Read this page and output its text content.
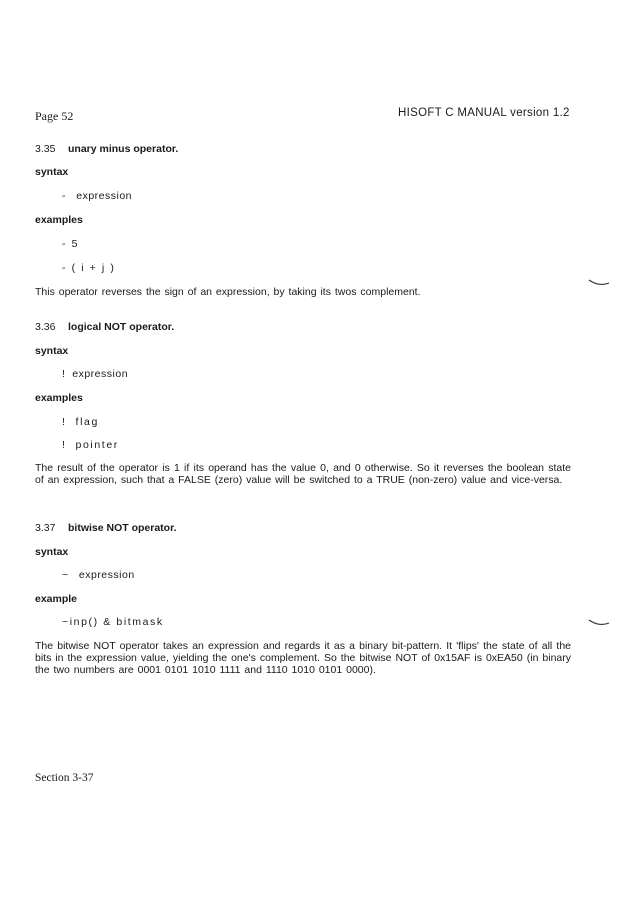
Page 52	HISOFT C MANUAL version 1.2
3.35 unary minus operator.
syntax
-   expression
examples
- 5
- ( i + j )
This operator reverses the sign of an expression, by taking its twos complement.
3.36 logical NOT operator.
syntax
!  expression
examples
!  flag
!  pointer
The result of the operator is 1 if its operand has the value 0, and 0 otherwise. So it reverses the boolean state of an expression, such that a FALSE (zero) value will be switched to a TRUE (non-zero) value and vice-versa.
3.37 bitwise NOT operator.
syntax
~   expression
example
~inp() & bitmask
The bitwise NOT operator takes an expression and regards it as a binary bit-pattern. It 'flips' the state of all the bits in the expression value, yielding the one's complement. So the bitwise NOT of 0x15AF is 0xEA50 (in binary the two numbers are 0001 0101 1010 1111 and 1110 1010 0101 0000).
Section 3-37
